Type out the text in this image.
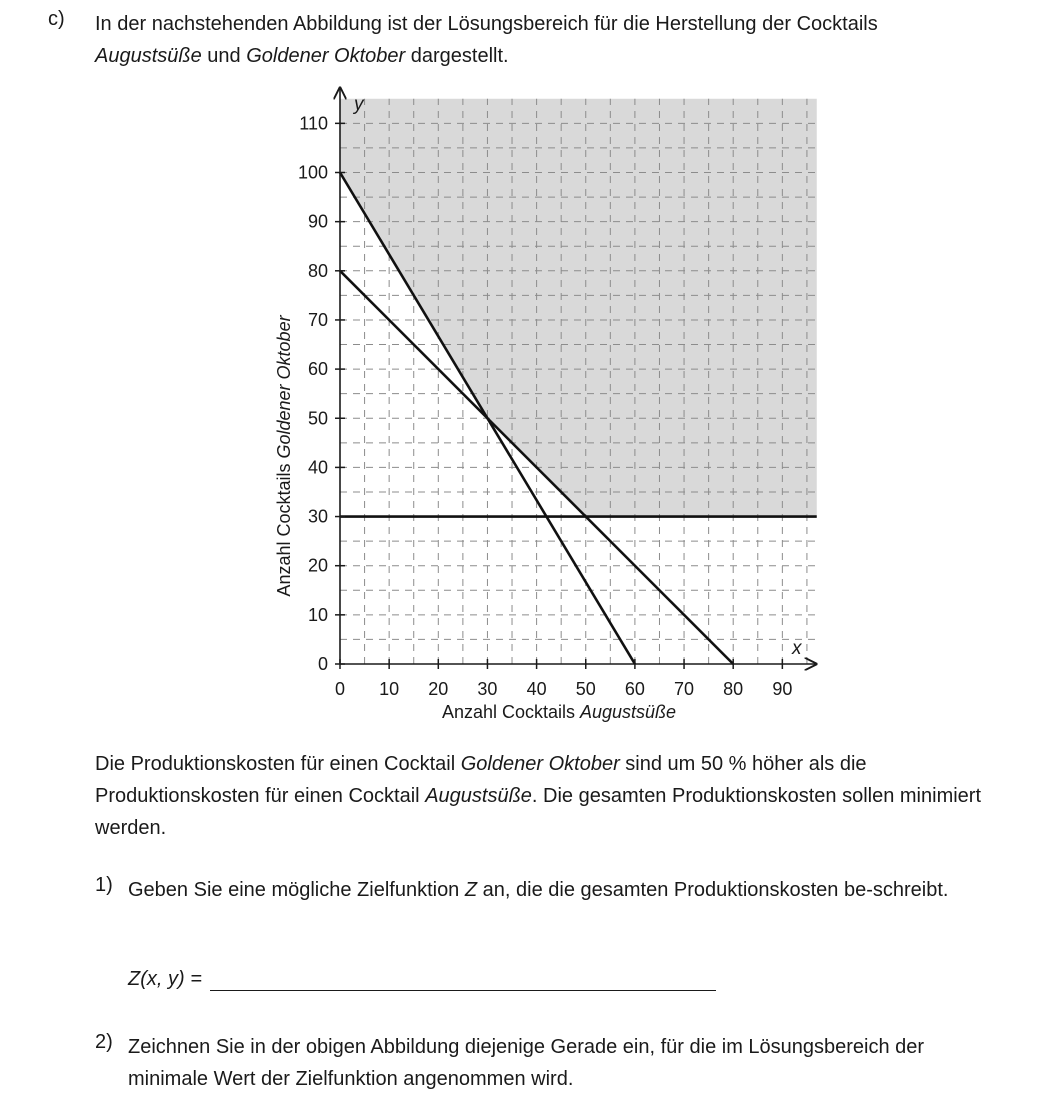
c) In der nachstehenden Abbildung ist der Lösungsbereich für die Herstellung der Cocktails
Augustsüße und Goldener Oktober dargestellt.
0 10 20 30 40 50 60 70 80 90
0
10
20
30
40
50
60
70
80
90
100
110
x
y
Anzahl Cocktails Augustsüße
Anzahl Cocktails Goldener Oktober
Die Produktionskosten für einen Cocktail Goldener Oktober sind um 50 % höher als die Produktionskosten für einen Cocktail Augustsüße. Die gesamten Produktionskosten sollen minimiert werden.
1) Geben Sie eine mögliche Zielfunktion Z an, die die gesamten Produktionskosten be-schreibt.
Z(x, y) =
2) Zeichnen Sie in der obigen Abbildung diejenige Gerade ein, für die im Lösungsbereich der minimale Wert der Zielfunktion angenommen wird.
